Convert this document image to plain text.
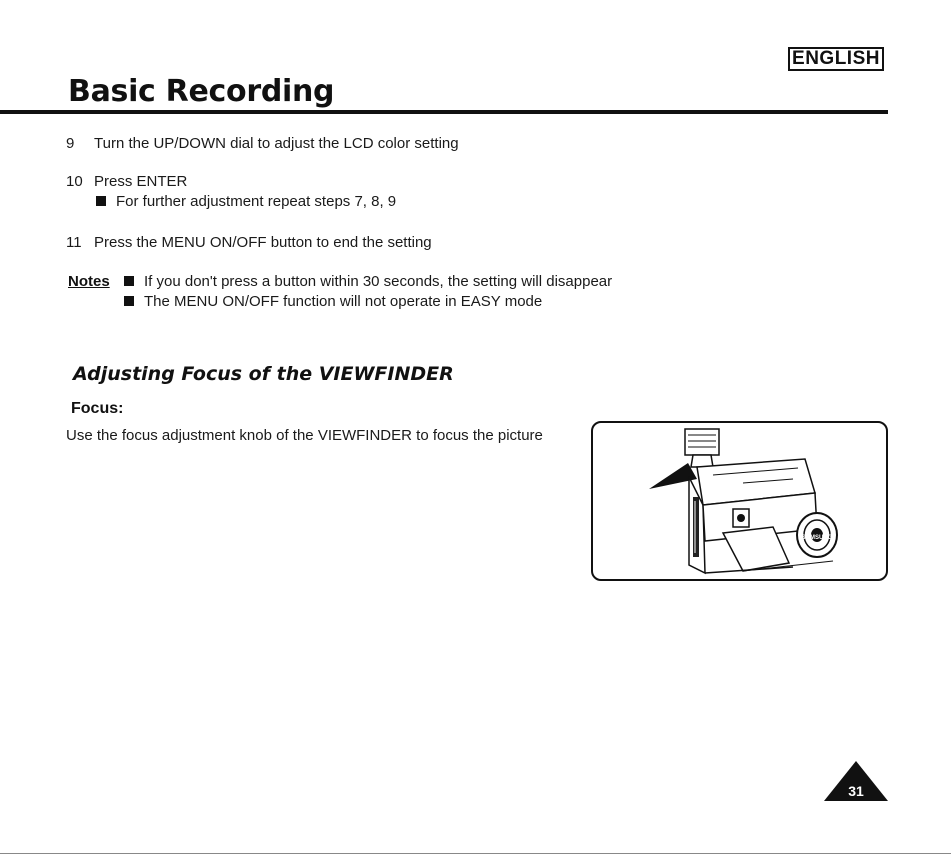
ENGLISH
Basic Recording
9 Turn the UP/DOWN dial to adjust the LCD color setting
10 Press ENTER
For further adjustment repeat steps 7, 8, 9
11 Press the MENU ON/OFF button to end the setting
Notes	If you don't press a button within 30 seconds, the setting will disappear
The MENU ON/OFF function will not operate in EASY mode
Adjusting Focus of the VIEWFINDER
Focus:
Use the focus adjustment knob of the VIEWFINDER to focus the picture
SAMSUNG
31
